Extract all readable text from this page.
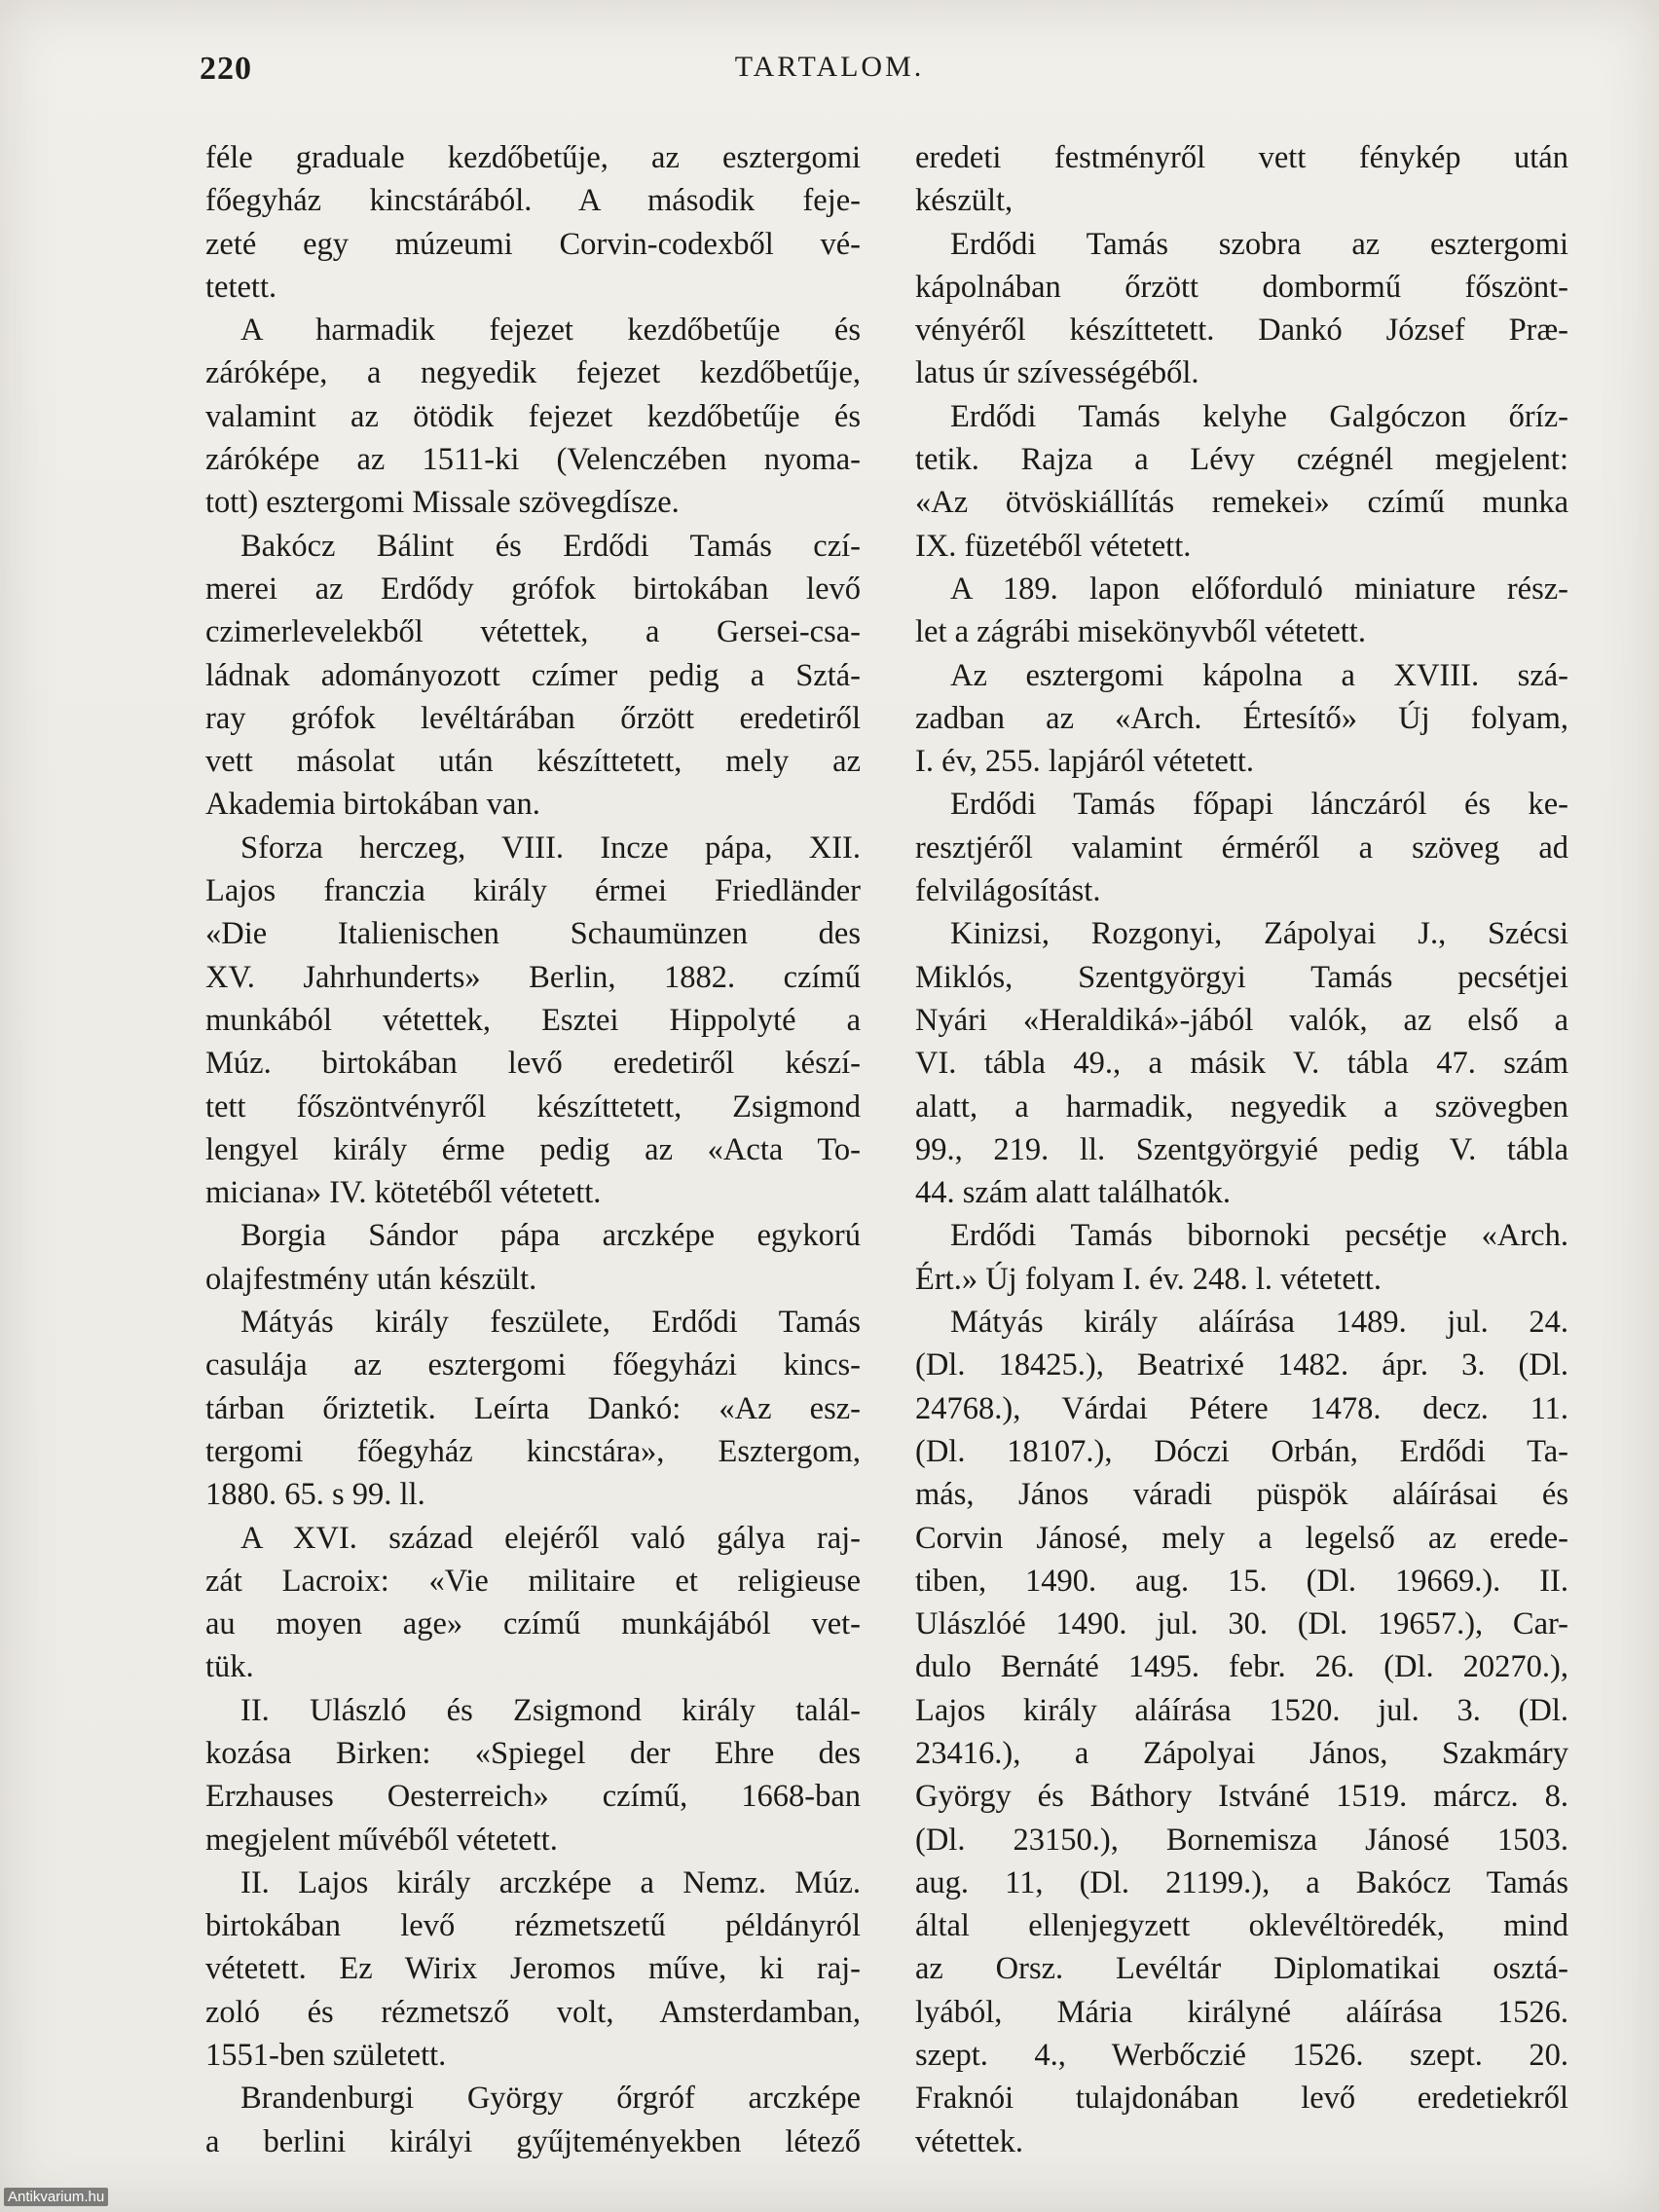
220	TARTALOM.
féle graduale kezdőbetűje, az esztergomi
főegyház kincstárából. A második feje-
zeté egy múzeumi Corvin-codexből vé-
tetett.
A harmadik fejezet kezdőbetűje és
záróképe, a negyedik fejezet kezdőbetűje,
valamint az ötödik fejezet kezdőbetűje és
záróképe az 1511-ki (Velenczében nyoma-
tott) esztergomi Missale szövegdísze.
Bakócz Bálint és Erdődi Tamás czí-
merei az Erdődy grófok birtokában levő
czimerlevelekből vétettek, a Gersei-csa-
ládnak adományozott czímer pedig a Sztá-
ray grófok levéltárában őrzött eredetiről
vett másolat után készíttetett, mely az
Akademia birtokában van.
Sforza herczeg, VIII. Incze pápa, XII.
Lajos franczia király érmei Friedländer
«Die Italienischen Schaumünzen des
XV. Jahrhunderts» Berlin, 1882. czímű
munkából vétettek, Esztei Hippolyté a
Múz. birtokában levő eredetiről készí-
tett főszöntvényről készíttetett, Zsigmond
lengyel király érme pedig az «Acta To-
miciana» IV. kötetéből vétetett.
Borgia Sándor pápa arczképe egykorú
olajfestmény után készült.
Mátyás király feszülete, Erdődi Tamás
casulája az esztergomi főegyházi kincs-
tárban őriztetik. Leírta Dankó: «Az esz-
tergomi főegyház kincstára», Esztergom,
1880. 65. s 99. ll.
A XVI. század elejéről való gálya raj-
zát Lacroix: «Vie militaire et religieuse
au moyen age» czímű munkájából vet-
tük.
II. Ulászló és Zsigmond király talál-
kozása Birken: «Spiegel der Ehre des
Erzhauses Oesterreich» czímű, 1668-ban
megjelent művéből vétetett.
II. Lajos király arczképe a Nemz. Múz.
birtokában levő rézmetszetű példányról
vétetett. Ez Wirix Jeromos műve, ki raj-
zoló és rézmetsző volt, Amsterdamban,
1551-ben született.
Brandenburgi György őrgróf arczképe
a berlini királyi gyűjteményekben létező
eredeti festményről vett fénykép után
készült,
Erdődi Tamás szobra az esztergomi
kápolnában őrzött dombormű főszönt-
vényéről készíttetett. Dankó József Præ-
latus úr szívességéből.
Erdődi Tamás kelyhe Galgóczon őríz-
tetik. Rajza a Lévy czégnél megjelent:
«Az ötvöskiállítás remekei» czímű munka
IX. füzetéből vétetett.
A 189. lapon előforduló miniature rész-
let a zágrábi misekönyvből vétetett.
Az esztergomi kápolna a XVIII. szá-
zadban az «Arch. Értesítő» Új folyam,
I. év, 255. lapjáról vétetett.
Erdődi Tamás főpapi lánczáról és ke-
resztjéről valamint érméről a szöveg ad
felvilágosítást.
Kinizsi, Rozgonyi, Zápolyai J., Szécsi
Miklós, Szentgyörgyi Tamás pecsétjei
Nyári «Heraldiká»-jából valók, az első a
VI. tábla 49., a másik V. tábla 47. szám
alatt, a harmadik, negyedik a szövegben
99., 219. ll. Szentgyörgyié pedig V. tábla
44. szám alatt találhatók.
Erdődi Tamás bibornoki pecsétje «Arch.
Ért.» Új folyam I. év. 248. l. vétetett.
Mátyás király aláírása 1489. jul. 24.
(Dl. 18425.), Beatrixé 1482. ápr. 3. (Dl.
24768.), Várdai Pétere 1478. decz. 11.
(Dl. 18107.), Dóczi Orbán, Erdődi Ta-
más, János váradi püspök aláírásai és
Corvin Jánosé, mely a legelső az erede-
tiben, 1490. aug. 15. (Dl. 19669.). II.
Ulászlóé 1490. jul. 30. (Dl. 19657.), Car-
dulo Bernáté 1495. febr. 26. (Dl. 20270.),
Lajos király aláírása 1520. jul. 3. (Dl.
23416.), a Zápolyai János, Szakmáry
György és Báthory Istváné 1519. márcz. 8.
(Dl. 23150.), Bornemisza Jánosé 1503.
aug. 11, (Dl. 21199.), a Bakócz Tamás
által ellenjegyzett oklevéltöredék, mind
az Orsz. Levéltár Diplomatikai osztá-
lyából, Mária királyné aláírása 1526.
szept. 4., Werbőczié 1526. szept. 20.
Fraknói tulajdonában levő eredetiekről
vétettek.
Antikvarium.hu
